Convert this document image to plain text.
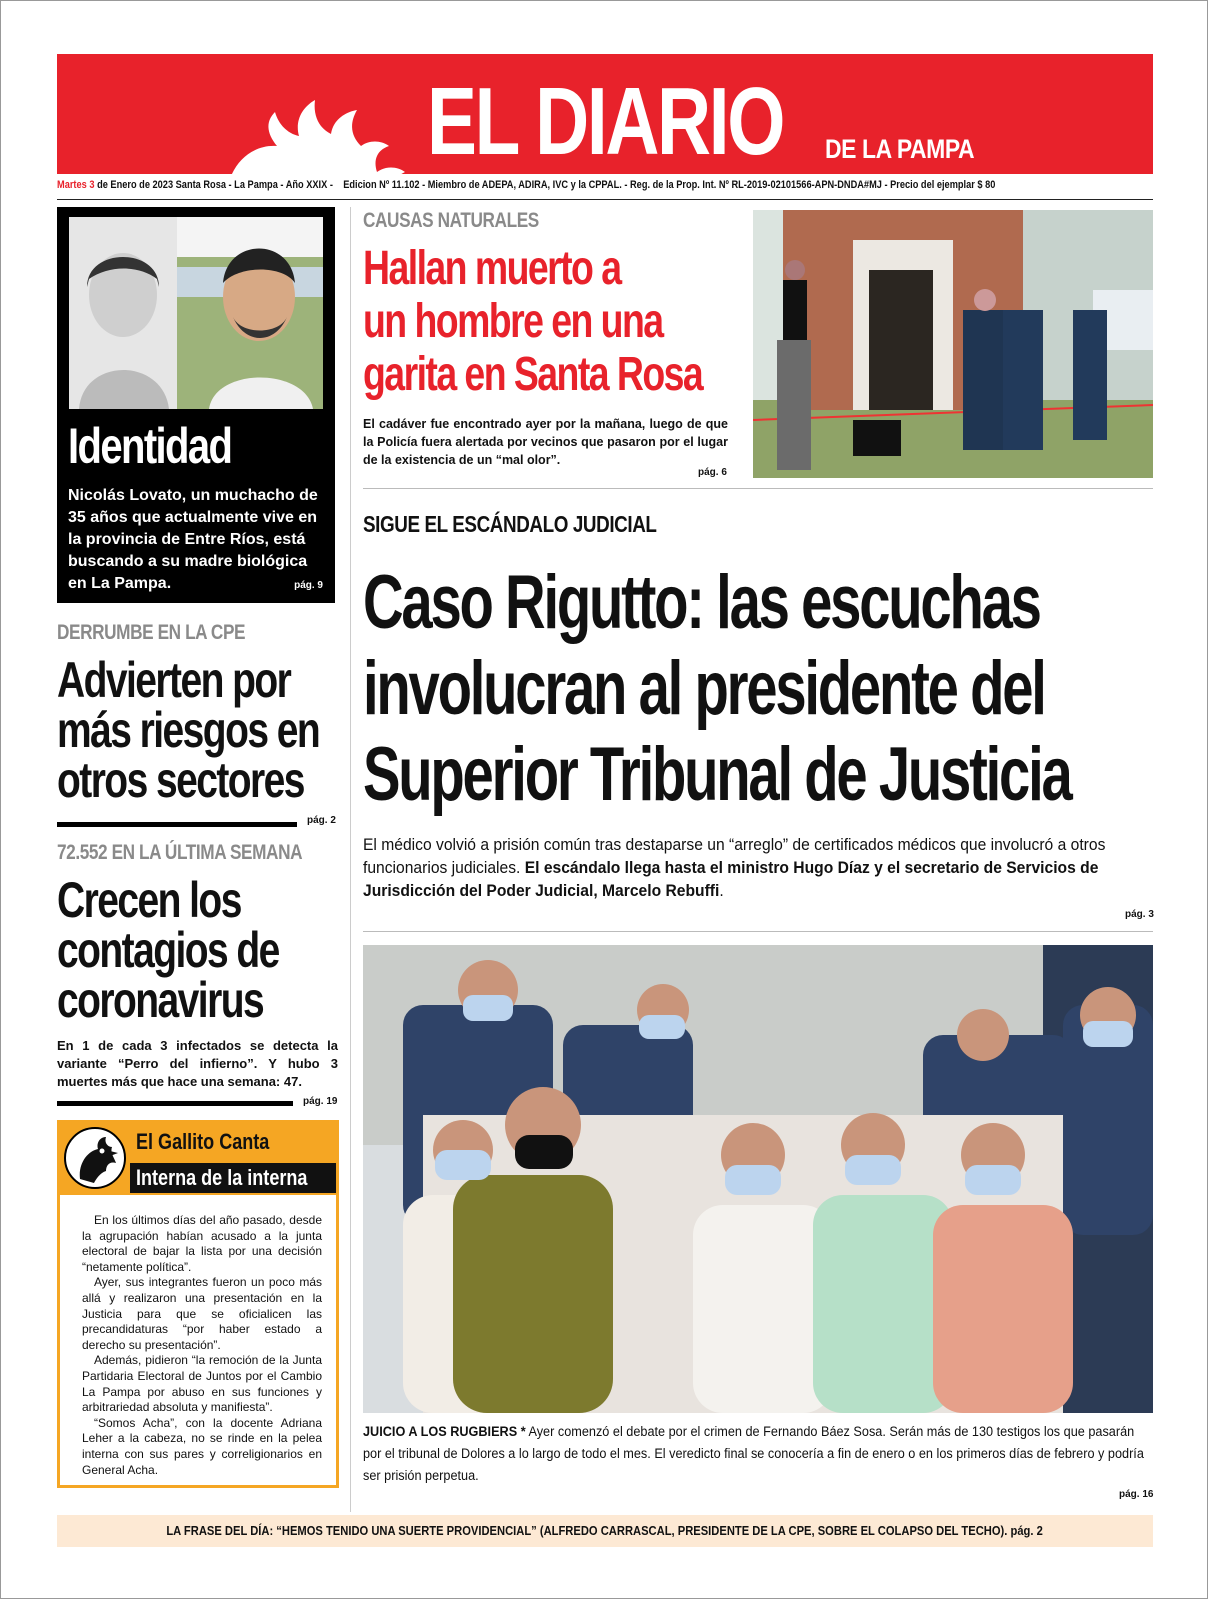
EL DIARIO DE LA PAMPA
Martes 3 de Enero de 2023 Santa Rosa - La Pampa - Año XXIX - Edicion Nº 11.102 - Miembro de ADEPA, ADIRA, IVC y la CPPAL. - Reg. de la Prop. Int. Nº RL-2019-02101566-APN-DNDA#MJ - Precio del ejemplar $ 80
Identidad
Nicolás Lovato, un muchacho de 35 años que actualmente vive en la provincia de Entre Ríos, está buscando a su madre biológica en La Pampa.	pág. 9
DERRUMBE EN LA CPE
Advierten por
más riesgos en
otros sectores
pág. 2
72.552 EN LA ÚLTIMA SEMANA
Crecen los
contagios de
coronavirus
En 1 de cada 3 infectados se detecta la variante “Perro del infierno”. Y hubo 3 muertes más que hace una semana: 47.
pág. 19
El Gallito Canta
Interna de la interna

En los últimos días del año pasado, desde la agrupación habían acusado a la junta electoral de bajar la lista por una decisión “netamente política”.

Ayer, sus integrantes fueron un poco más allá y realizaron una presentación en la Justicia para que se oficialicen las precandidaturas “por haber estado a derecho su presentación”.

Además, pidieron “la remoción de la Junta Partidaria Electoral de Juntos por el Cambio La Pampa por abuso en sus funciones y arbitrariedad absoluta y manifiesta”.

“Somos Acha”, con la docente Adriana Leher a la cabeza, no se rinde en la pelea interna con sus pares y correligionarios en General Acha.

CAUSAS NATURALES
Hallan muerto a
un hombre en una
garita en Santa Rosa
El cadáver fue encontrado ayer por la mañana, luego de que la Policía fuera alertada por vecinos que pasaron por el lugar de la existencia de un “mal olor”.
pág. 6
SIGUE EL ESCÁNDALO JUDICIAL
Caso Rigutto: las escuchas
involucran al presidente del
Superior Tribunal de Justicia
El médico volvió a prisión común tras destaparse un “arreglo” de certificados médicos que involucró a otros funcionarios judiciales. El escándalo llega hasta el ministro Hugo Díaz y el secretario de Servicios de Jurisdicción del Poder Judicial, Marcelo Rebuffi.
pág. 3
JUICIO A LOS RUGBIERS * Ayer comenzó el debate por el crimen de Fernando Báez Sosa. Serán más de 130 testigos los que pasarán por el tribunal de Dolores a lo largo de todo el mes. El veredicto final se conocería a fin de enero o en los primeros días de febrero y podría ser prisión perpetua.
pág. 16
LA FRASE DEL DÍA: “HEMOS TENIDO UNA SUERTE PROVIDENCIAL” (ALFREDO CARRASCAL, PRESIDENTE DE LA CPE, SOBRE EL COLAPSO DEL TECHO). pág. 2
